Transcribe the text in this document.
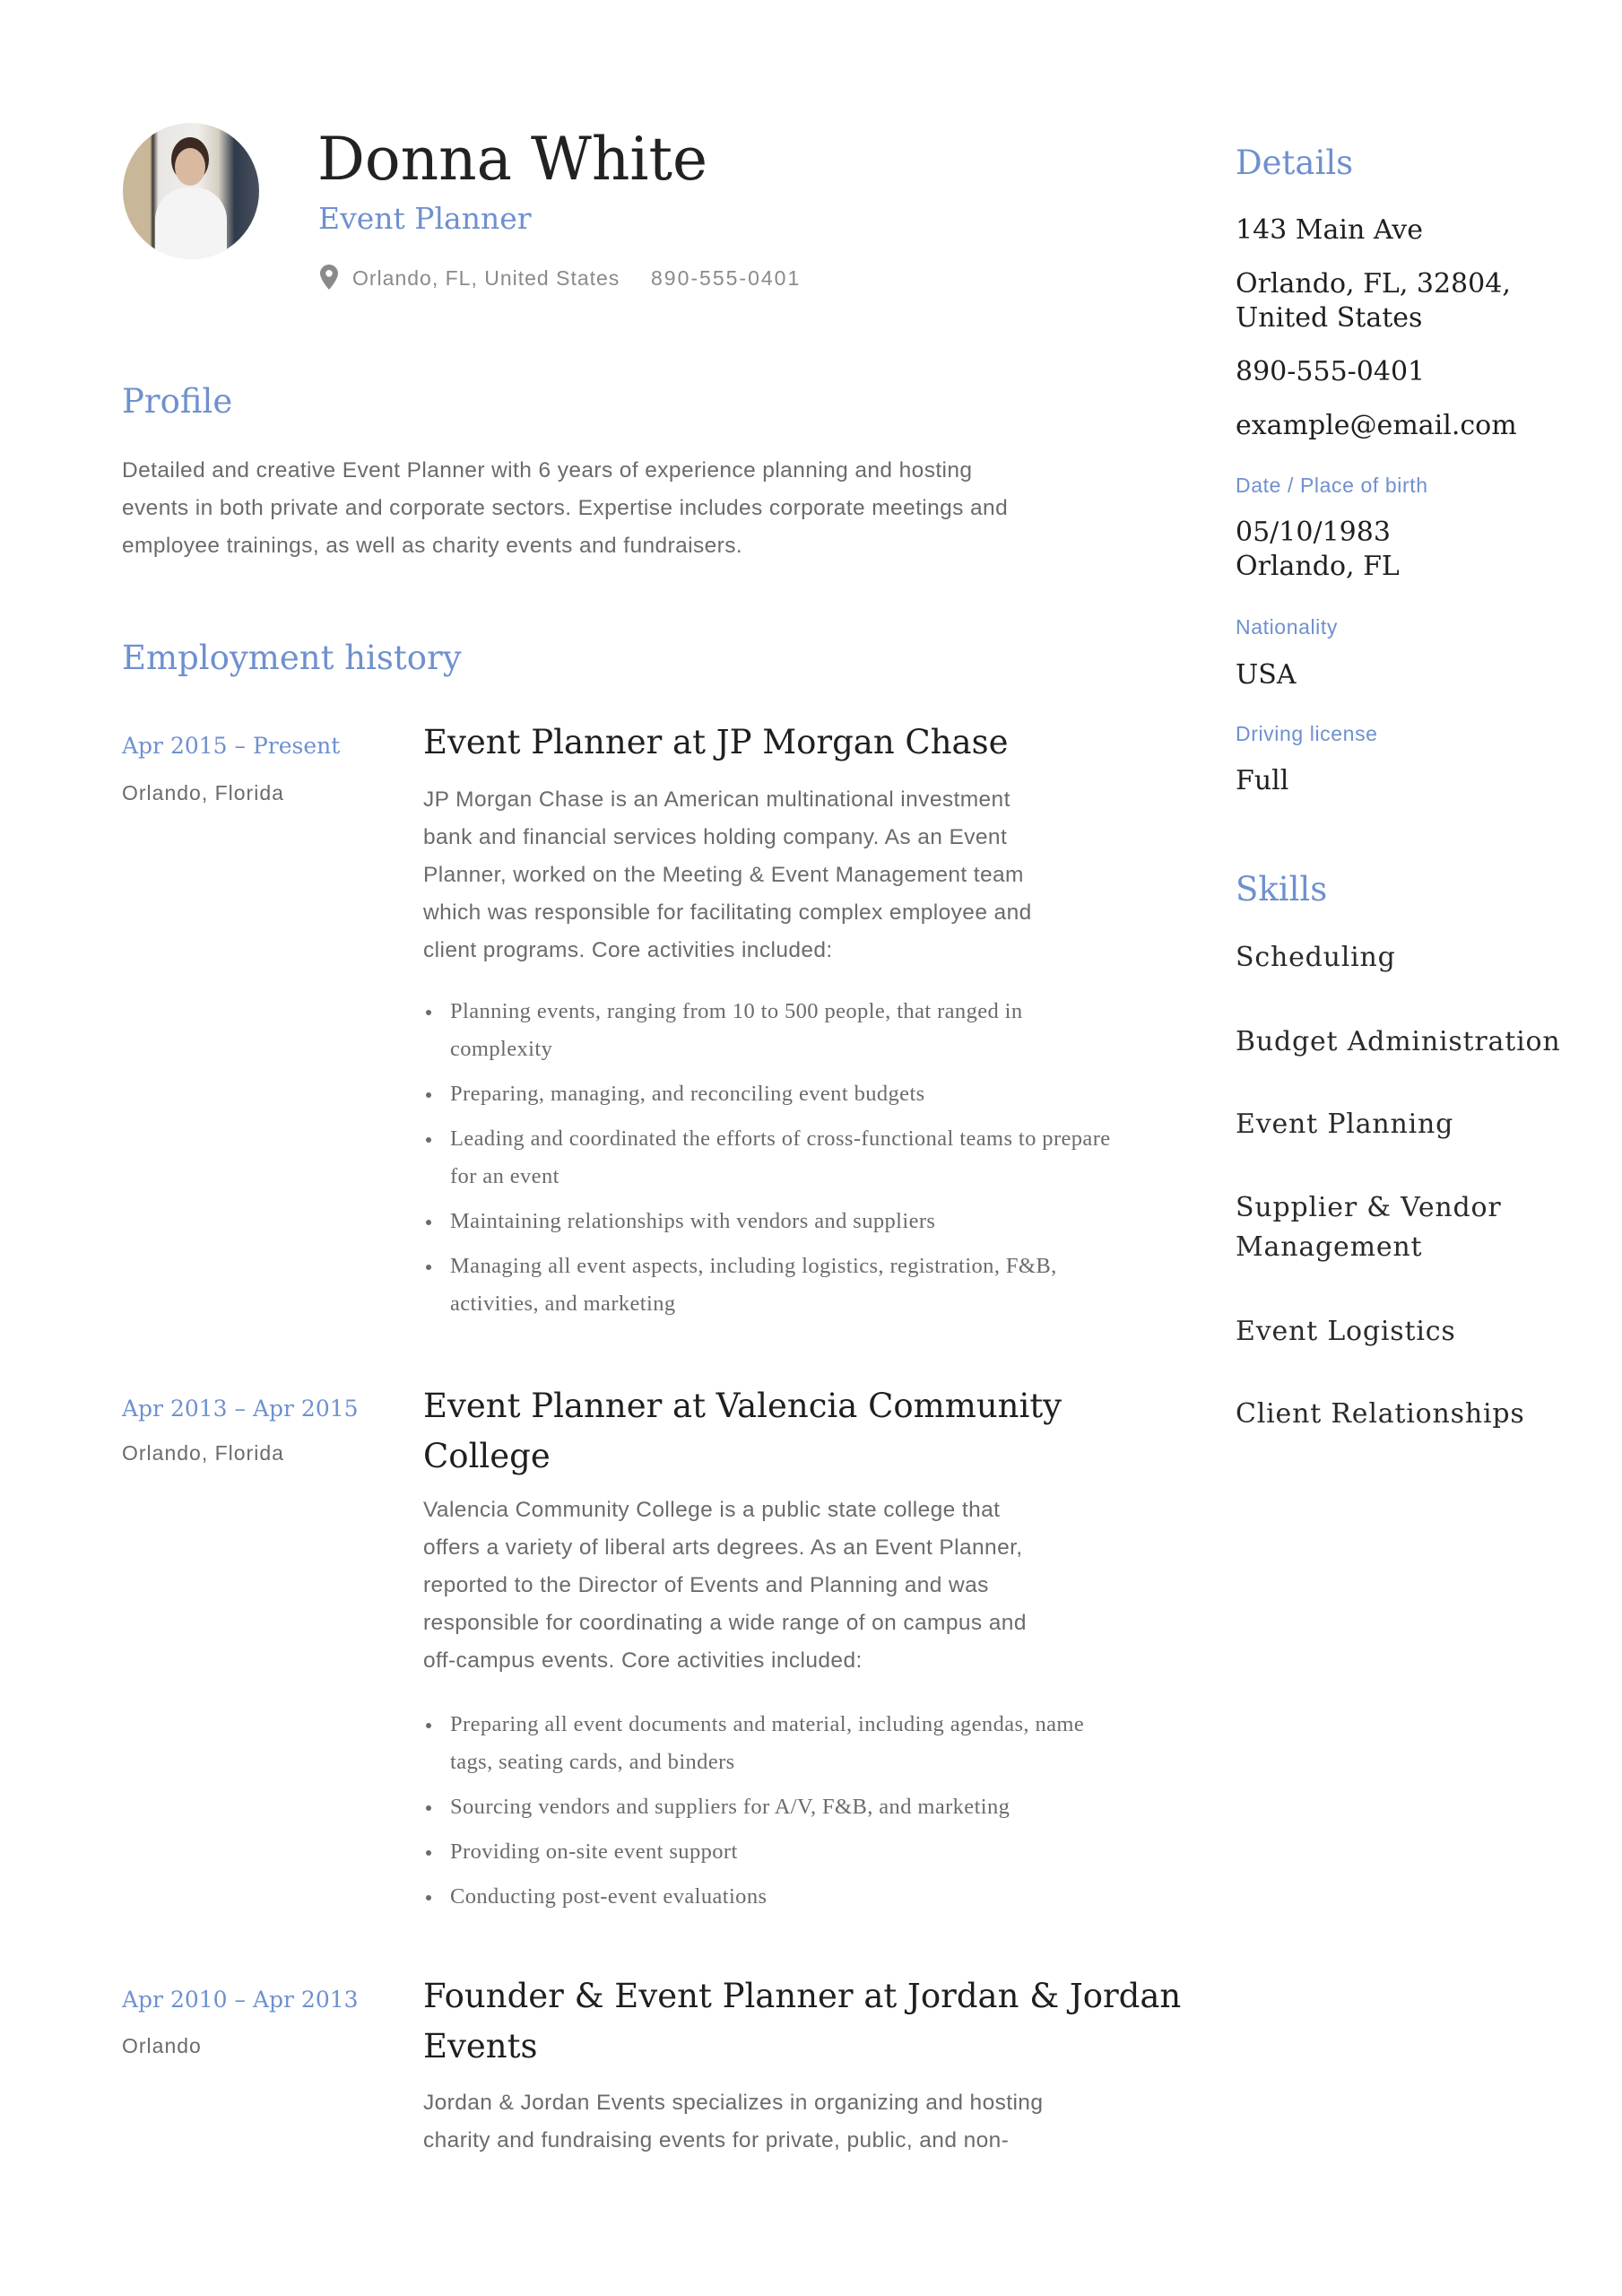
Donna White
Event Planner
Orlando, FL, United States 890-555-0401
Profile
Detailed and creative Event Planner with 6 years of experience planning and hosting
events in both private and corporate sectors. Expertise includes corporate meetings and
employee trainings, as well as charity events and fundraisers.
Employment history
Apr 2015 – Present
Orlando, Florida
Event Planner at JP Morgan Chase
JP Morgan Chase is an American multinational investment
bank and financial services holding company. As an Event
Planner, worked on the Meeting & Event Management team
which was responsible for facilitating complex employee and
client programs. Core activities included:
Planning events, ranging from 10 to 500 people, that ranged in complexity
Preparing, managing, and reconciling event budgets
Leading and coordinated the efforts of cross-functional teams to prepare for an event
Maintaining relationships with vendors and suppliers
Managing all event aspects, including logistics, registration, F&B, activities, and marketing
Apr 2013 – Apr 2015
Orlando, Florida
Event Planner at Valencia Community
College
Valencia Community College is a public state college that
offers a variety of liberal arts degrees. As an Event Planner,
reported to the Director of Events and Planning and was
responsible for coordinating a wide range of on campus and
off-campus events. Core activities included:
Preparing all event documents and material, including agendas, name tags, seating cards, and binders
Sourcing vendors and suppliers for A/V, F&B, and marketing
Providing on-site event support
Conducting post-event evaluations
Apr 2010 – Apr 2013
Orlando
Founder & Event Planner at Jordan & Jordan
Events
Jordan & Jordan Events specializes in organizing and hosting
charity and fundraising events for private, public, and non-
Details
143 Main Ave
Orlando, FL, 32804,
United States
890-555-0401
example@email.com
Date / Place of birth
05/10/1983
Orlando, FL
Nationality
USA
Driving license
Full
Skills
Scheduling
Budget Administration
Event Planning
Supplier & Vendor
Management
Event Logistics
Client Relationships
